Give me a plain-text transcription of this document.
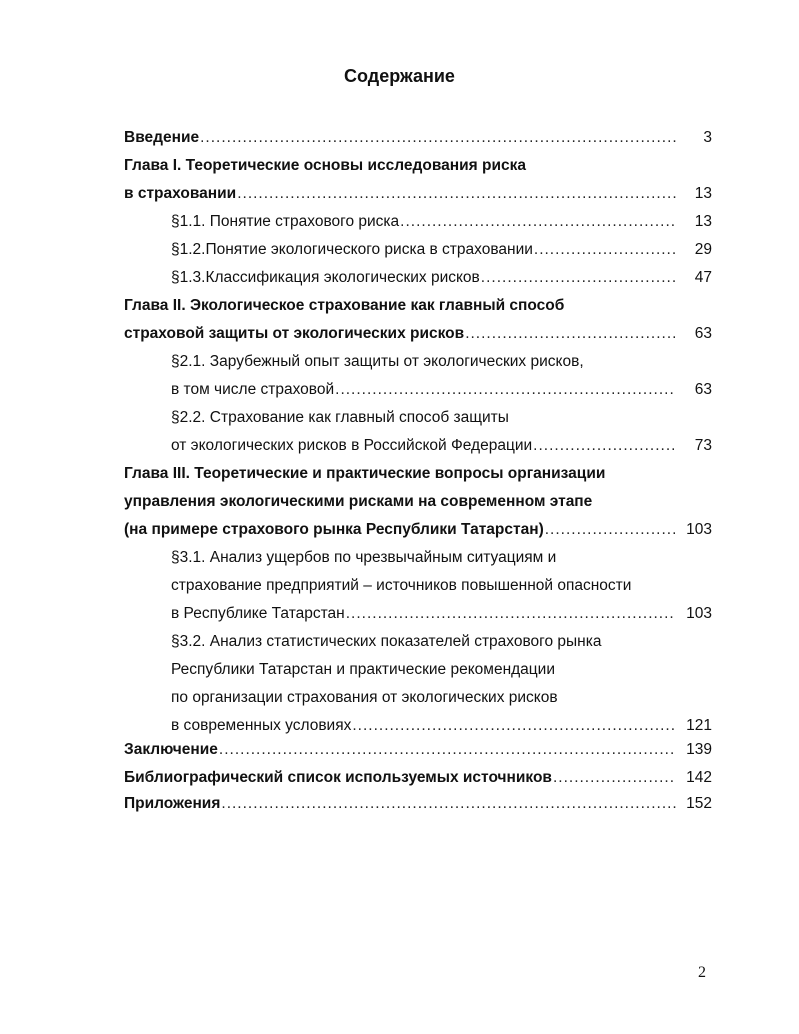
Содержание
Введение .....	3
Глава I. Теоретические основы исследования риска
в страховании .....	13
§1.1. Понятие страхового риска .....	13
§1.2.Понятие экологического риска в страховании .....	29
§1.3.Классификация экологических рисков .....	47
Глава II. Экологическое страхование как главный способ
страховой защиты от экологических рисков .....	63
§2.1. Зарубежный опыт защиты от экологических рисков,
в том числе страховой .....	63
§2.2. Страхование как главный способ защиты
от экологических рисков в Российской Федерации .....	73
Глава III. Теоретические и практические вопросы организации
управления экологическими рисками на современном этапе
(на примере страхового рынка Республики Татарстан) .....	103
§3.1. Анализ ущербов по чрезвычайным ситуациям и
страхование предприятий – источников повышенной опасности
в Республике Татарстан .....	103
§3.2. Анализ статистических показателей страхового рынка
Республики Татарстан и практические рекомендации
по организации страхования от экологических рисков
в современных условиях .....	121
Заключение .....	139
Библиографический список используемых источников .....	142
Приложения .....	152
2
